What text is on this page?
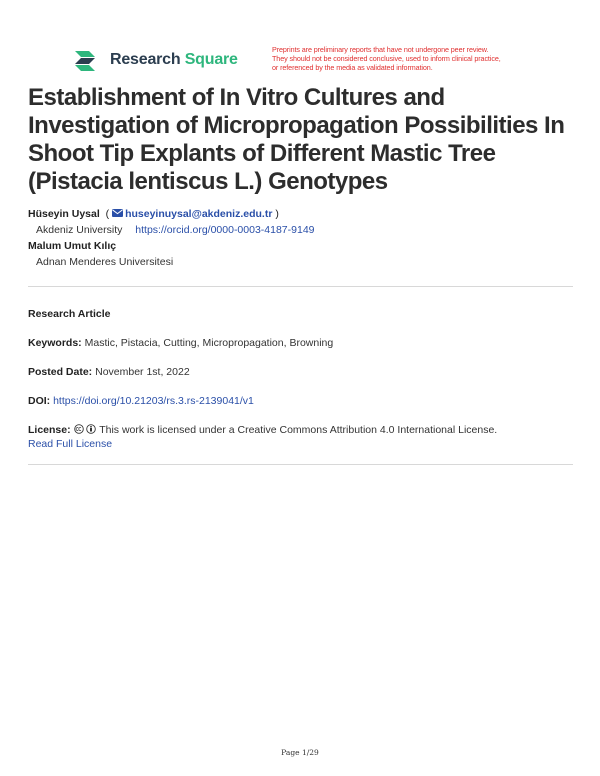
Research Square
Preprints are preliminary reports that have not undergone peer review.
They should not be considered conclusive, used to inform clinical practice,
or referenced by the media as validated information.
Establishment of In Vitro Cultures and Investigation of Micropropagation Possibilities In Shoot Tip Explants of Different Mastic Tree (Pistacia lentiscus L.) Genotypes
Hüseyin Uysal  ( huseyinuysal@akdeniz.edu.tr )
Akdeniz University https://orcid.org/0000-0003-4187-9149
Malum Umut Kılıç
Adnan Menderes Universitesi
Research Article
Keywords: Mastic, Pistacia, Cutting, Micropropagation, Browning
Posted Date: November 1st, 2022
DOI: https://doi.org/10.21203/rs.3.rs-2139041/v1
License:	This work is licensed under a Creative Commons Attribution 4.0 International License.
Read Full License
Page 1/29
